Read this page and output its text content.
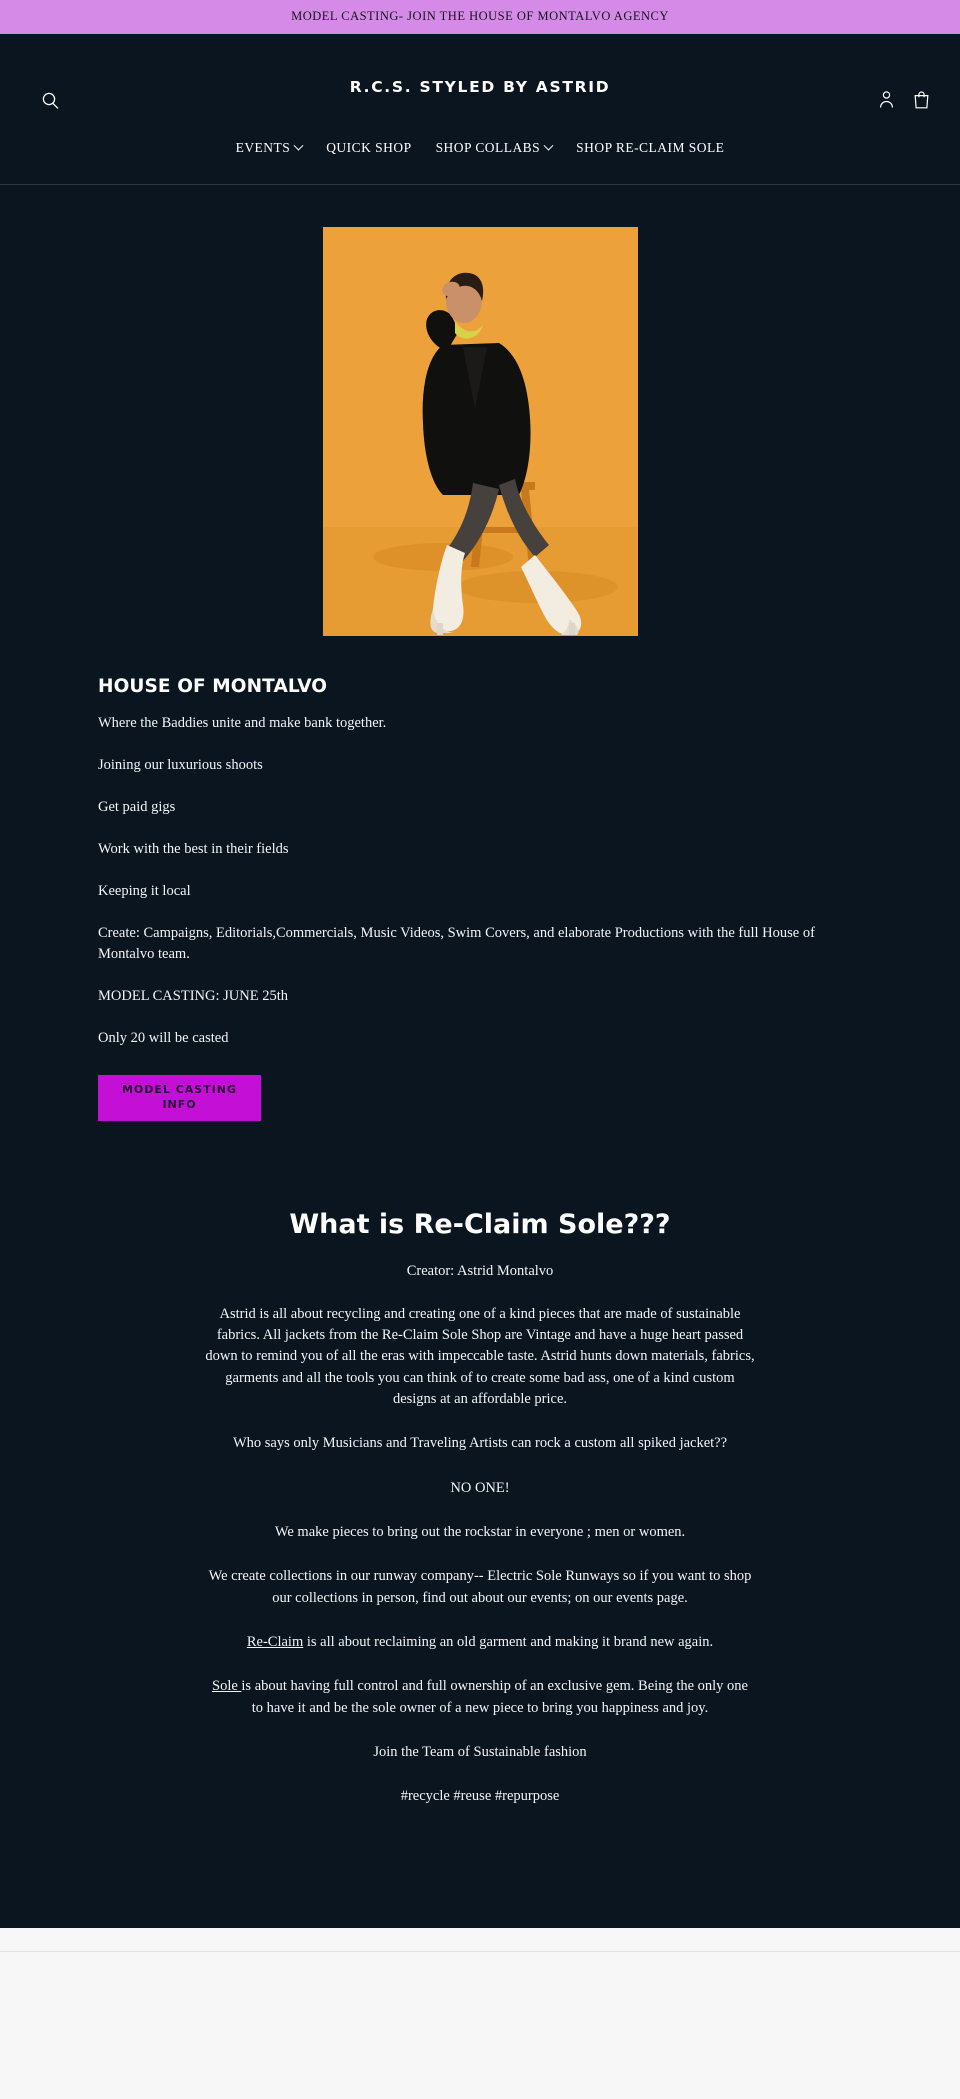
MODEL CASTING- JOIN THE HOUSE OF MONTALVO AGENCY
R.C.S. STYLED BY ASTRID
EVENTS	QUICK SHOP SHOP COLLABS	SHOP RE-CLAIM SOLE
HOUSE OF MONTALVO

Where the Baddies unite and make bank together.

Joining our luxurious shoots

Get paid gigs

Work with the best in their fields

Keeping it local

Create: Campaigns, Editorials,Commercials, Music Videos, Swim Covers, and elaborate Productions with the full House of Montalvo team.

MODEL CASTING: JUNE 25th

Only 20 will be casted

MODEL CASTING INFO
What is Re-Claim Sole???

Creator: Astrid Montalvo

Astrid is all about recycling and creating one of a kind pieces that are made of sustainable fabrics. All jackets from the Re-Claim Sole Shop are Vintage and have a huge heart passed down to remind you of all the eras with impeccable taste. Astrid hunts down materials, fabrics, garments and all the tools you can think of to create some bad ass, one of a kind custom designs at an affordable price.

Who says only Musicians and Traveling Artists can rock a custom all spiked jacket??

NO ONE!

We make pieces to bring out the rockstar in everyone ; men or women.

We create collections in our runway company-- Electric Sole Runways so if you want to shop our collections in person, find out about our events; on our events page.

Re-Claim is all about reclaiming an old garment and making it brand new again.

Sole is about having full control and full ownership of an exclusive gem. Being the only one to have it and be the sole owner of a new piece to bring you happiness and joy.

Join the Team of Sustainable fashion

#recycle #reuse #repurpose
